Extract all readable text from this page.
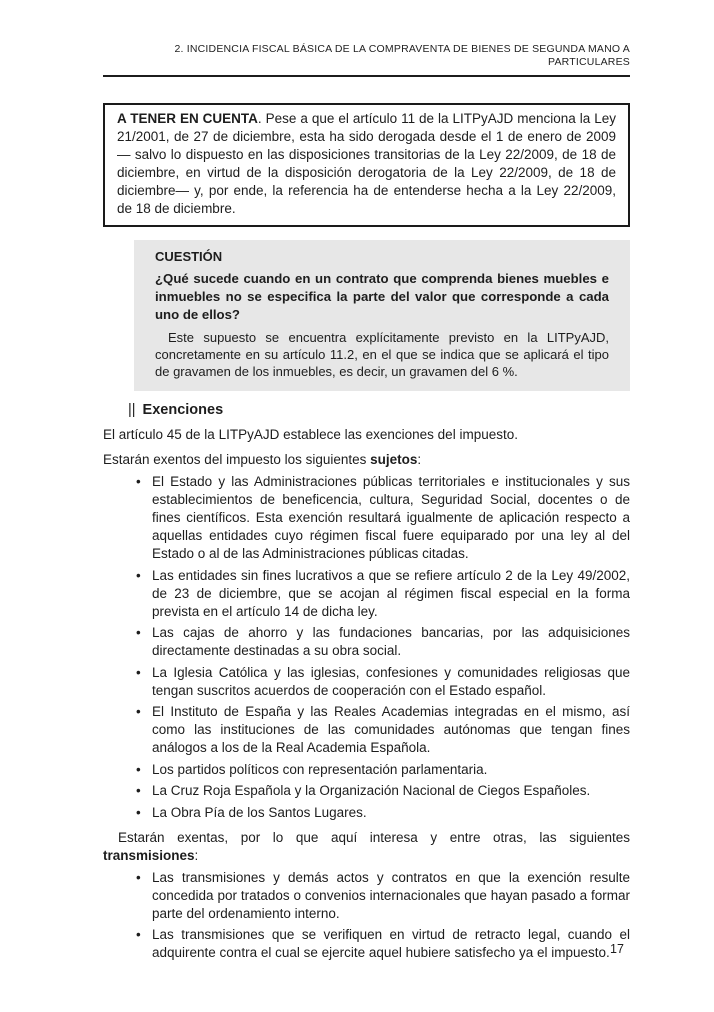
2. INCIDENCIA FISCAL BÁSICA DE LA COMPRAVENTA DE BIENES DE SEGUNDA MANO A PARTICULARES
A TENER EN CUENTA. Pese a que el artículo 11 de la LITPyAJD menciona la Ley 21/2001, de 27 de diciembre, esta ha sido derogada desde el 1 de enero de 2009 — salvo lo dispuesto en las disposiciones transitorias de la Ley 22/2009, de 18 de diciembre, en virtud de la disposición derogatoria de la Ley 22/2009, de 18 de diciembre— y, por ende, la referencia ha de entenderse hecha a la Ley 22/2009, de 18 de diciembre.
CUESTIÓN
¿Qué sucede cuando en un contrato que comprenda bienes muebles e inmuebles no se especifica la parte del valor que corresponde a cada uno de ellos?
Este supuesto se encuentra explícitamente previsto en la LITPyAJD, concretamente en su artículo 11.2, en el que se indica que se aplicará el tipo de gravamen de los inmuebles, es decir, un gravamen del 6 %.
|| Exenciones
El artículo 45 de la LITPyAJD establece las exenciones del impuesto.
Estarán exentos del impuesto los siguientes sujetos:
• El Estado y las Administraciones públicas territoriales e institucionales y sus establecimientos de beneficencia, cultura, Seguridad Social, docentes o de fines científicos. Esta exención resultará igualmente de aplicación respecto a aquellas entidades cuyo régimen fiscal fuere equiparado por una ley al del Estado o al de las Administraciones públicas citadas.
• Las entidades sin fines lucrativos a que se refiere artículo 2 de la Ley 49/2002, de 23 de diciembre, que se acojan al régimen fiscal especial en la forma prevista en el artículo 14 de dicha ley.
• Las cajas de ahorro y las fundaciones bancarias, por las adquisiciones directamente destinadas a su obra social.
• La Iglesia Católica y las iglesias, confesiones y comunidades religiosas que tengan suscritos acuerdos de cooperación con el Estado español.
• El Instituto de España y las Reales Academias integradas en el mismo, así como las instituciones de las comunidades autónomas que tengan fines análogos a los de la Real Academia Española.
• Los partidos políticos con representación parlamentaria.
• La Cruz Roja Española y la Organización Nacional de Ciegos Españoles.
• La Obra Pía de los Santos Lugares.
Estarán exentas, por lo que aquí interesa y entre otras, las siguientes transmisiones:
• Las transmisiones y demás actos y contratos en que la exención resulte concedida por tratados o convenios internacionales que hayan pasado a formar parte del ordenamiento interno.
• Las transmisiones que se verifiquen en virtud de retracto legal, cuando el adquirente contra el cual se ejercite aquel hubiere satisfecho ya el impuesto. 17
